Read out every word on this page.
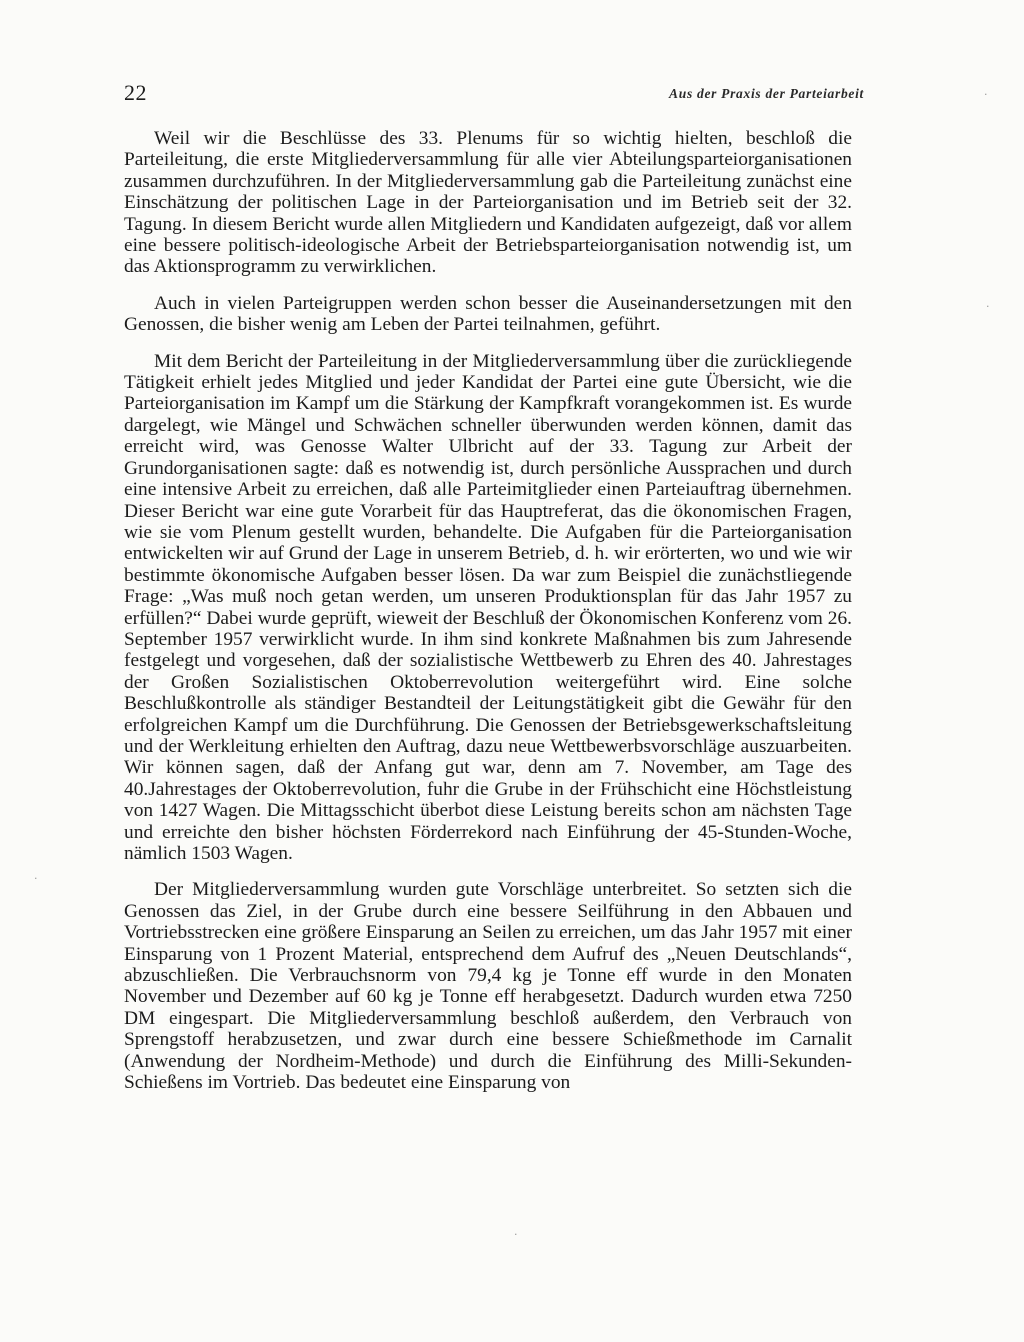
22	Aus der Praxis der Parteiarbeit

Weil wir die Beschlüsse des 33. Plenums für so wichtig hielten, beschloß die Parteileitung, die erste Mitgliederversammlung für alle vier Abteilungsparteiorganisationen zusammen durchzuführen. In der Mitgliederversammlung gab die Parteileitung zunächst eine Einschätzung der politischen Lage in der Parteiorganisation und im Betrieb seit der 32. Tagung. In diesem Bericht wurde allen Mitgliedern und Kandidaten aufgezeigt, daß vor allem eine bessere politisch-ideologische Arbeit der Betriebsparteiorganisation notwendig ist, um das Aktionsprogramm zu verwirklichen.

Auch in vielen Parteigruppen werden schon besser die Auseinandersetzungen mit den Genossen, die bisher wenig am Leben der Partei teilnahmen, geführt.

Mit dem Bericht der Parteileitung in der Mitgliederversammlung über die zurückliegende Tätigkeit erhielt jedes Mitglied und jeder Kandidat der Partei eine gute Übersicht, wie die Parteiorganisation im Kampf um die Stärkung der Kampfkraft vorangekommen ist. Es wurde dargelegt, wie Mängel und Schwächen schneller überwunden werden können, damit das erreicht wird, was Genosse Walter Ulbricht auf der 33. Tagung zur Arbeit der Grundorganisationen sagte: daß es notwendig ist, durch persönliche Aussprachen und durch eine intensive Arbeit zu erreichen, daß alle Parteimitglieder einen Parteiauftrag übernehmen. Dieser Bericht war eine gute Vorarbeit für das Hauptreferat, das die ökonomischen Fragen, wie sie vom Plenum gestellt wurden, behandelte. Die Aufgaben für die Parteiorganisation entwickelten wir auf Grund der Lage in unserem Betrieb, d. h. wir erörterten, wo und wie wir bestimmte ökonomische Aufgaben besser lösen. Da war zum Beispiel die zunächstliegende Frage: „Was muß noch getan werden, um unseren Produktionsplan für das Jahr 1957 zu erfüllen?“ Dabei wurde geprüft, wieweit der Beschluß der Ökonomischen Konferenz vom 26. September 1957 verwirklicht wurde. In ihm sind konkrete Maßnahmen bis zum Jahresende festgelegt und vorgesehen, daß der sozialistische Wettbewerb zu Ehren des 40. Jahrestages der Großen Sozialistischen Oktoberrevolution weitergeführt wird. Eine solche Beschlußkontrolle als ständiger Bestandteil der Leitungstätigkeit gibt die Gewähr für den erfolgreichen Kampf um die Durchführung. Die Genossen der Betriebsgewerkschaftsleitung und der Werkleitung erhielten den Auftrag, dazu neue Wettbewerbsvorschläge auszuarbeiten. Wir können sagen, daß der Anfang gut war, denn am 7. November, am Tage des 40.Jahrestages der Oktoberrevolution, fuhr die Grube in der Frühschicht eine Höchstleistung von 1427 Wagen. Die Mittagsschicht überbot diese Leistung bereits schon am nächsten Tage und erreichte den bisher höchsten Förderrekord nach Einführung der 45-Stunden-Woche, nämlich 1503 Wagen.

Der Mitgliederversammlung wurden gute Vorschläge unterbreitet. So setzten sich die Genossen das Ziel, in der Grube durch eine bessere Seilführung in den Abbauen und Vortriebsstrecken eine größere Einsparung an Seilen zu erreichen, um das Jahr 1957 mit einer Einsparung von 1 Prozent Material, entsprechend dem Aufruf des „Neuen Deutschlands“, abzuschließen. Die Verbrauchsnorm von 79,4 kg je Tonne eff wurde in den Monaten November und Dezember auf 60 kg je Tonne eff herabgesetzt. Dadurch wurden etwa 7250 DM eingespart. Die Mitgliederversammlung beschloß außerdem, den Verbrauch von Sprengstoff herabzusetzen, und zwar durch eine bessere Schießmethode im Carnalit (Anwendung der Nordheim-Methode) und durch die Einführung des Milli-Sekunden-Schießens im Vortrieb. Das bedeutet eine Einsparung von

·
·
·
·
